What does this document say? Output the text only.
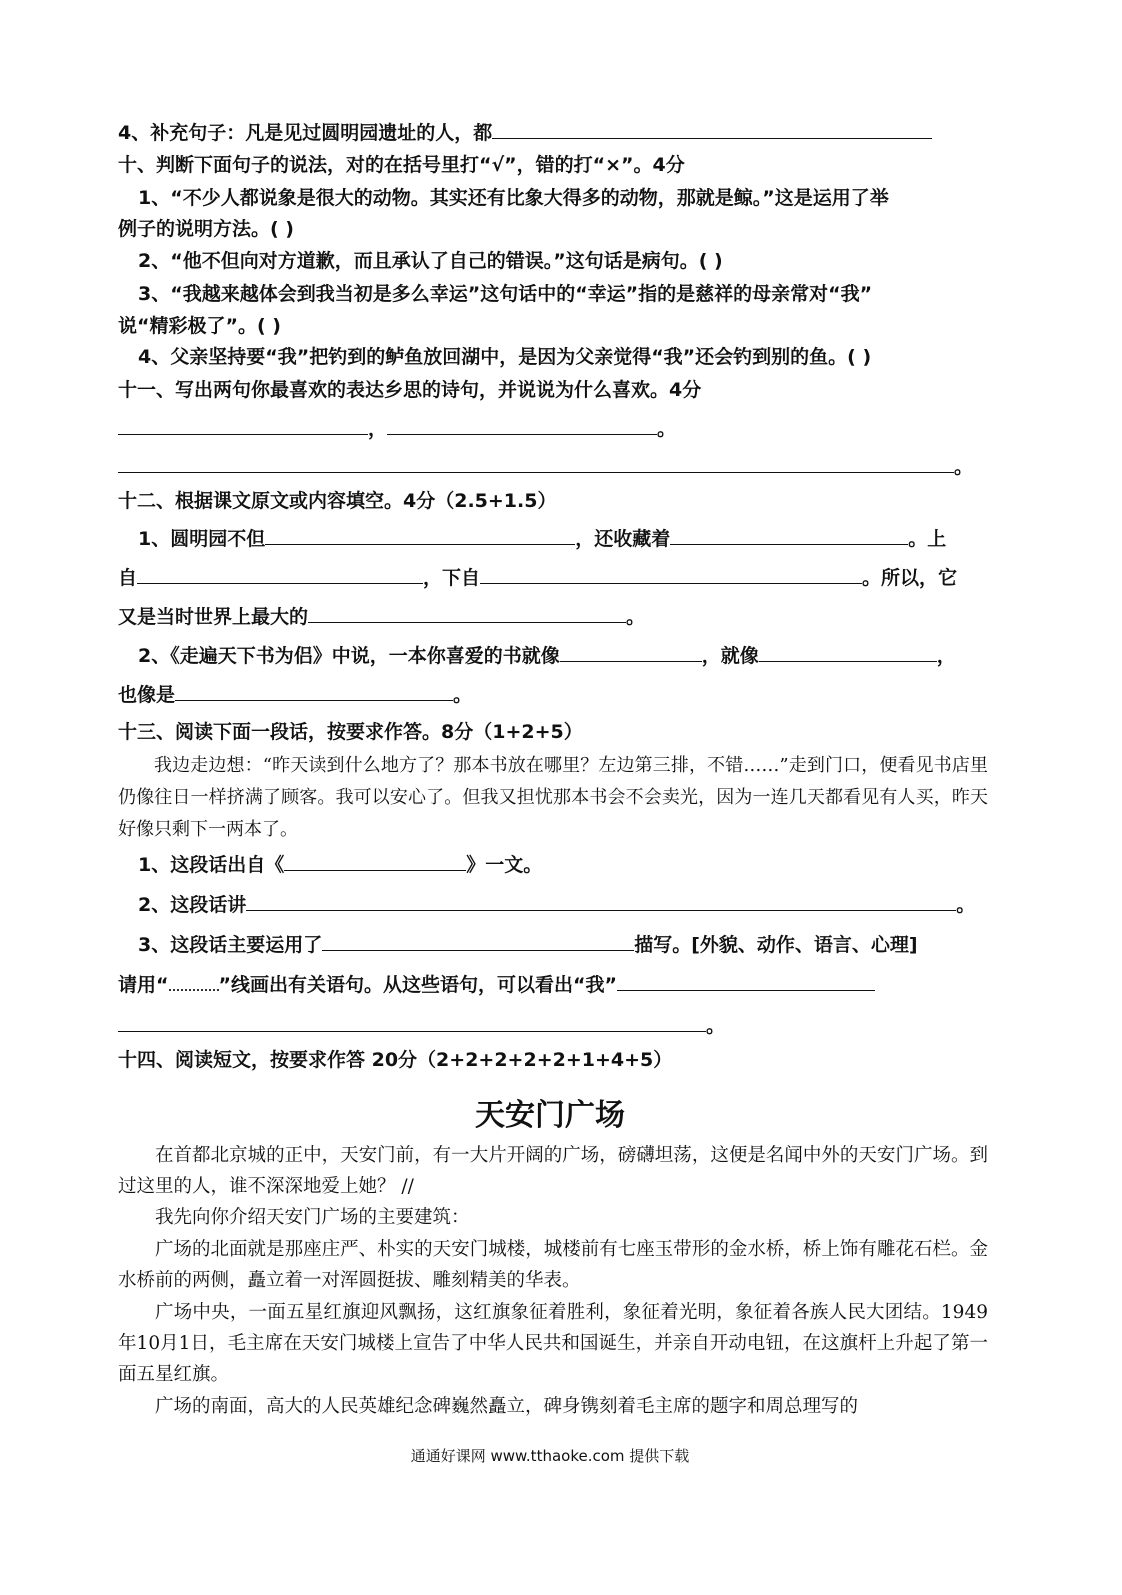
4、补充句子：凡是见过圆明园遗址的人，都
十、判断下面句子的说法，对的在括号里打“√”，错的打“×”。4分
1、“不少人都说象是很大的动物。其实还有比象大得多的动物，那就是鲸。”这是运用了举
例子的说明方法。( )
2、“他不但向对方道歉，而且承认了自己的错误。”这句话是病句。( )
3、“我越来越体会到我当初是多么幸运”这句话中的“幸运”指的是慈祥的母亲常对“我”
说“精彩极了”。( )
4、父亲坚持要“我”把钓到的鲈鱼放回湖中，是因为父亲觉得“我”还会钓到别的鱼。( )
十一、写出两句你最喜欢的表达乡思的诗句，并说说为什么喜欢。4分
，	。
。
十二、根据课文原文或内容填空。4分（2.5+1.5）
1、圆明园不但	，还收藏着	。上
自	，下自	。所以，它
又是当时世界上最大的	。
2、《走遍天下书为侣》中说，一本你喜爱的书就像	，就像	，
也像是	。
十三、阅读下面一段话，按要求作答。8分（1+2+5）
我边走边想：“昨天读到什么地方了？那本书放在哪里？左边第三排，不错……”走到门口，便看见书店里仍像往日一样挤满了顾客。我可以安心了。但我又担忧那本书会不会卖光，因为一连几天都看见有人买，昨天好像只剩下一两本了。
1、这段话出自《	》一文。
2、这段话讲	。
3、这段话主要运用了	描写。[外貌、动作、语言、心理]
请用“	”线画出有关语句。从这些语句，可以看出“我”
。
十四、阅读短文，按要求作答 20分（2+2+2+2+2+1+4+5）
天安门广场
在首都北京城的正中，天安门前，有一大片开阔的广场，磅礴坦荡，这便是名闻中外的天安门广场。到过这里的人，谁不深深地爱上她？ //
我先向你介绍天安门广场的主要建筑：
广场的北面就是那座庄严、朴实的天安门城楼，城楼前有七座玉带形的金水桥，桥上饰有雕花石栏。金水桥前的两侧，矗立着一对浑圆挺拔、雕刻精美的华表。
广场中央，一面五星红旗迎风飘扬，这红旗象征着胜利，象征着光明，象征着各族人民大团结。1949年10月1日，毛主席在天安门城楼上宣告了中华人民共和国诞生，并亲自开动电钮，在这旗杆上升起了第一面五星红旗。
广场的南面，高大的人民英雄纪念碑巍然矗立，碑身镌刻着毛主席的题字和周总理写的
通通好课网 www.tthaoke.com 提供下载
